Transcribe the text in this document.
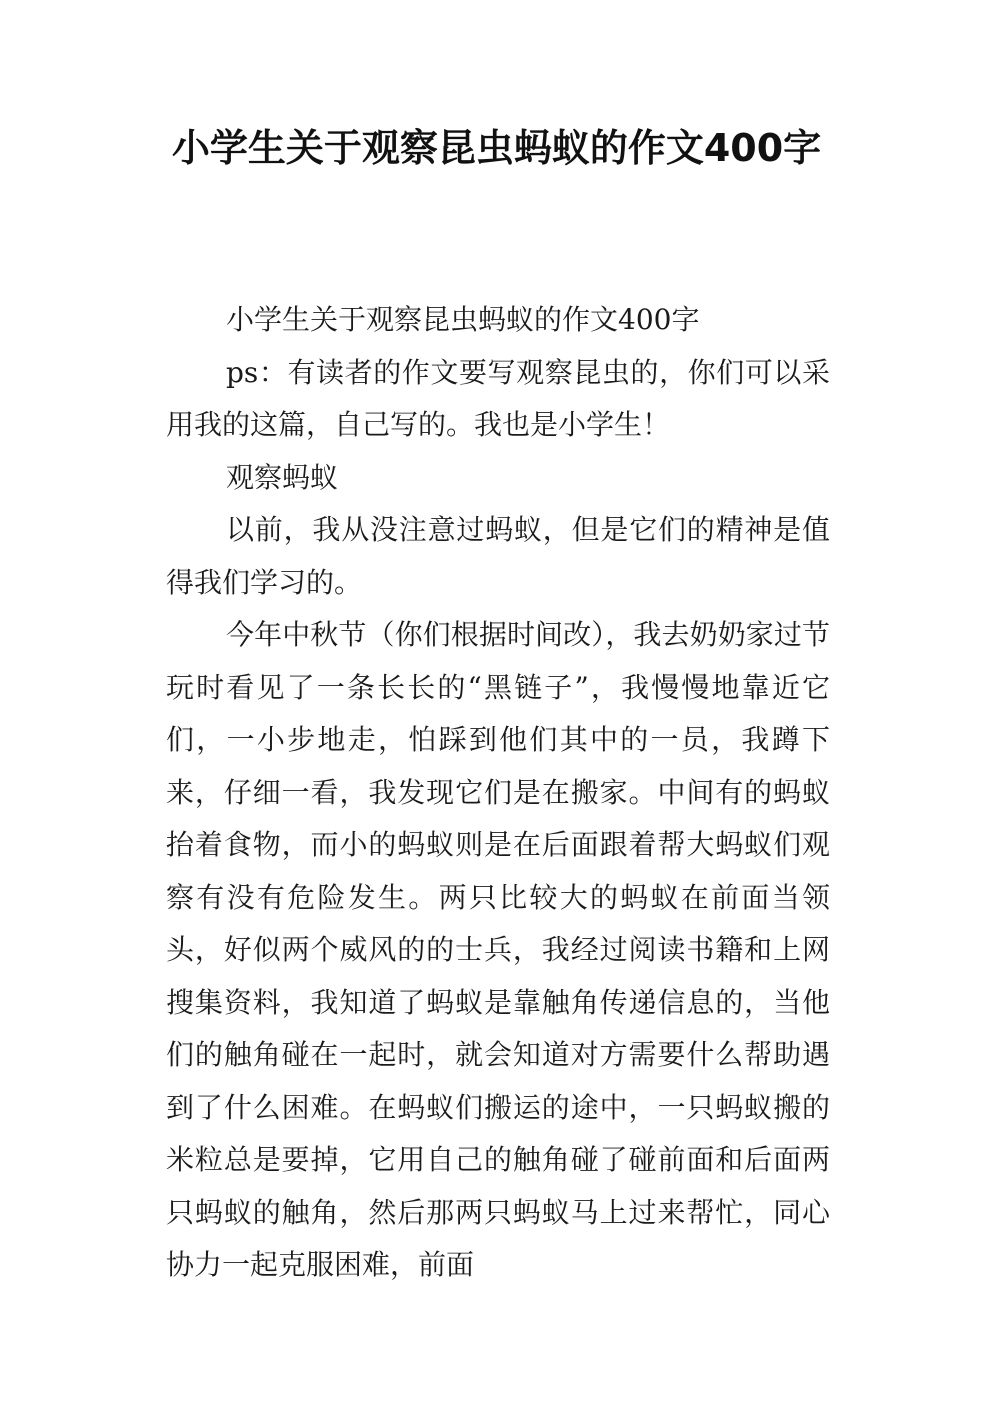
小学生关于观察昆虫蚂蚁的作文400字

小学生关于观察昆虫蚂蚁的作文400字

ps：有读者的作文要写观察昆虫的，你们可以采用我的这篇，自己写的。我也是小学生！

观察蚂蚁

以前，我从没注意过蚂蚁，但是它们的精神是值得我们学习的。

今年中秋节（你们根据时间改），我去奶奶家过节玩时看见了一条长长的“黑链子”，我慢慢地靠近它们，一小步地走，怕踩到他们其中的一员，我蹲下来，仔细一看，我发现它们是在搬家。中间有的蚂蚁抬着食物，而小的蚂蚁则是在后面跟着帮大蚂蚁们观察有没有危险发生。两只比较大的蚂蚁在前面当领头，好似两个威风的的士兵，我经过阅读书籍和上网搜集资料，我知道了蚂蚁是靠触角传递信息的，当他们的触角碰在一起时，就会知道对方需要什么帮助遇到了什么困难。在蚂蚁们搬运的途中，一只蚂蚁搬的米粒总是要掉，它用自己的触角碰了碰前面和后面两只蚂蚁的触角，然后那两只蚂蚁马上过来帮忙，同心协力一起克服困难，前面
